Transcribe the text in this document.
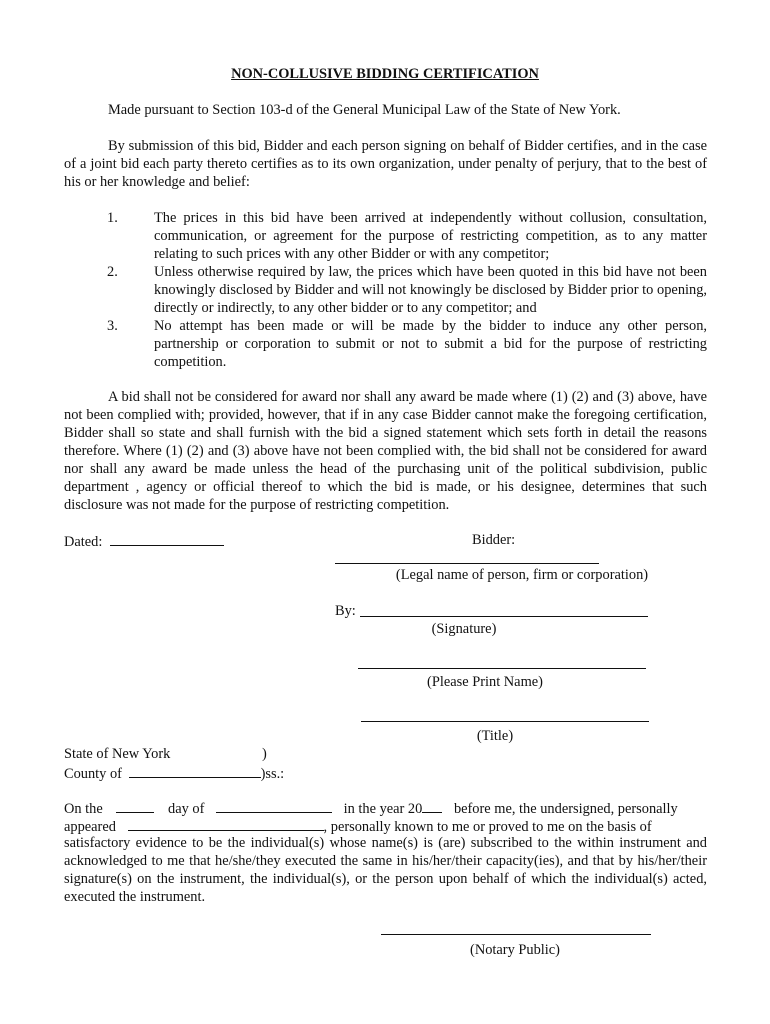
NON-COLLUSIVE BIDDING CERTIFICATION

Made pursuant to Section 103-d of the General Municipal Law of the State of New York.

By submission of this bid, Bidder and each person signing on behalf of Bidder certifies, and in the case of a joint bid each party thereto certifies as to its own organization, under penalty of perjury, that to the best of his or her knowledge and belief:

1.	The prices in this bid have been arrived at independently without collusion, consultation, communication, or agreement for the purpose of restricting competition, as to any matter relating to such prices with any other Bidder or with any competitor;
2.	Unless otherwise required by law, the prices which have been quoted in this bid have not been knowingly disclosed by Bidder and will not knowingly be disclosed by Bidder prior to opening, directly or indirectly, to any other bidder or to any competitor; and
3.	No attempt has been made or will be made by the bidder to induce any other person, partnership or corporation to submit or not to submit a bid for the purpose of restricting competition.

A bid shall not be considered for award nor shall any award be made where (1) (2) and (3) above, have not been complied with; provided, however, that if in any case Bidder cannot make the foregoing certification, Bidder shall so state and shall furnish with the bid a signed statement which sets forth in detail the reasons therefore. Where (1) (2) and (3) above have not been complied with, the bid shall not be considered for award nor shall any award be made unless the head of the purchasing unit of the political subdivision, public department , agency or official thereof to which the bid is made, or his designee, determines that such disclosure was not made for the purpose of restricting competition.

Dated:	Bidder:
(Legal name of person, firm or corporation)
By:
(Signature)
(Please Print Name)
(Title)
State of New York	)
County of	)ss.:
On the	day of	in the year 20 before me, the undersigned, personally
appeared	, personally known to me or proved to me on the basis of

satisfactory evidence to be the individual(s) whose name(s) is (are) subscribed to the within instrument and acknowledged to me that he/she/they executed the same in his/her/their capacity(ies), and that by his/her/their signature(s) on the instrument, the individual(s), or the person upon behalf of which the individual(s) acted, executed the instrument.

(Notary Public)
